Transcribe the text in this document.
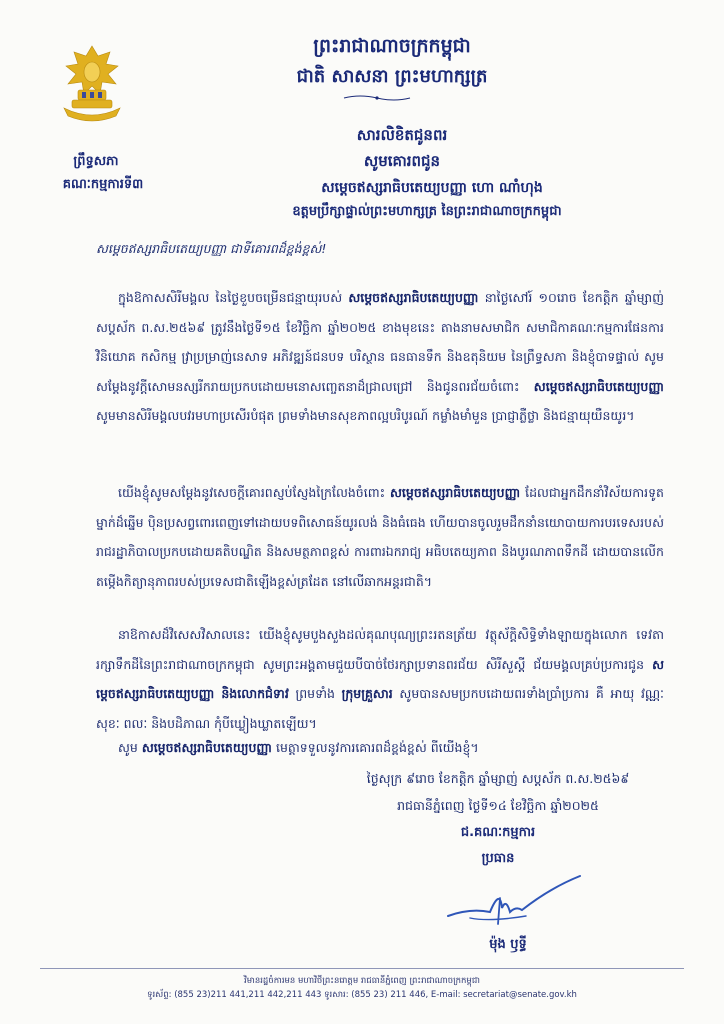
ព្រះរាជាណាចក្រកម្ពុជា
ជាតិ សាសនា ព្រះមហាក្សត្រ
ព្រឹទ្ធសភា
គណៈកម្មការទី៣
សារលិខិតជូនពរ
សូមគោរពជូន
សម្តេចឥស្សរាធិបតេយ្យបញ្ញា ហោ ណាំហុង
ឧត្តមប្រឹក្សាផ្ទាល់ព្រះមហាក្សត្រ នៃព្រះរាជាណាចក្រកម្ពុជា
សម្តេចឥស្សរាធិបតេយ្យបញ្ញា ជាទីគោរពដ៏ខ្ពង់ខ្ពស់!
ក្នុងឱកាសសិរីមង្គល នៃថ្ងៃខួបចម្រើនជន្មាយុរបស់ សម្តេចឥស្សរាធិបតេយ្យបញ្ញា នាថ្ងៃសៅរ៍ ១០រោច ខែកត្តិក ឆ្នាំម្សាញ់ សប្តស័ក ព.ស.២៥៦៩ ត្រូវនឹងថ្ងៃទី១៥ ខែវិច្ឆិកា ឆ្នាំ២០២៥ ខាងមុខនេះ តាងនាមសមាជិក សមាជិកាគណៈកម្មការផែនការ វិនិយោគ កសិកម្ម វ្រាប្រម្រាញ់នេសាទ អភិវឌ្ឍន៍ជនបទ បរិស្ថាន ធនធានទឹក និងឧតុនិយម នៃព្រឹទ្ធសភា និងខ្ញុំបាទផ្ទាល់ សូមសម្តែងនូវក្តីសោមនស្សរីករាយប្រកបដោយមនោសញ្ចេតនាដ៏ជ្រាលជ្រៅ និងជូនពរជ័យចំពោះ សម្តេចឥស្សរាធិបតេយ្យបញ្ញា សូមមានសិរីមង្គលបវរមហាប្រសើរបំផុត ព្រមទាំងមានសុខភាពល្អបរិបូរណ៍ កម្លាំងមាំមួន ប្រាជ្ញាភ្លឺថ្លា និងជន្មាយុយឺនយូរ។
យើងខ្ញុំសូមសម្តែងនូវសេចក្តីគោរពស្ញប់ស្ញែងក្រៃលែងចំពោះ សម្តេចឥស្សរាធិបតេយ្យបញ្ញា ដែលជាអ្នកដឹកនាំវិស័យការទូតម្នាក់ដ៏ឆ្នើម ប៉ិនប្រសព្វពោរពេញទៅដោយបទពិសោធន៍យូរលង់ និងធំធេង ហើយបានចូលរួមដឹកនាំនយោបាយការបរទេសរបស់រាជរដ្ឋាភិបាលប្រកបដោយគតិបណ្ឌិត និងសមត្ថភាពខ្ពស់ ការពារឯករាជ្យ អធិបតេយ្យភាព និងបូរណភាពទឹកដី ដោយបានលើកតម្កើងកិត្យានុភាពរបស់ប្រទេសជាតិឡើងខ្ពស់ត្រដែត នៅលើឆាកអន្តរជាតិ។
នាឱកាសដ៏វិសេសវិសាលនេះ យើងខ្ញុំសូមបួងសួងដល់គុណបុណ្យព្រះរតនត្រ័យ វត្ថុស័ក្តិសិទ្ធិទាំងឡាយក្នុងលោក ទេវតារក្សាទឹកដីនៃព្រះរាជាណាចក្រកម្ពុជា សូមព្រះអង្គតាមជួយបីបាច់ថែរក្សាប្រទានពរជ័យ សិរីសួស្តី ជ័យមង្គលគ្រប់ប្រការជូន សម្តេចឥស្សរាធិបតេយ្យបញ្ញា និងលោកជំទាវ ព្រមទាំង ក្រុមគ្រួសារ សូមបានសមប្រកបដោយពរទាំងប្រាំប្រការ គឺ អាយុ វណ្ណៈ សុខៈ ពលៈ និងបដិភាណ កុំបីឃ្លៀងឃ្លាតឡើយ។
សូម សម្តេចឥស្សរាធិបតេយ្យបញ្ញា មេត្តាទទួលនូវការគោរពដ៏ខ្ពង់ខ្ពស់ ពីយើងខ្ញុំ។
ថ្ងៃសុក្រ ៩រោច ខែកត្តិក ឆ្នាំម្សាញ់ សប្តស័ក ព.ស.២៥៦៩
រាជធានីភ្នំពេញ ថ្ងៃទី១៤ ខែវិច្ឆិកា ឆ្នាំ២០២៥
ជ.គណៈកម្មការ
ប្រធាន
ម៉ុង ឫទ្ធី
វិមានរដ្ឋចំការមន មហាវិថីព្រះនរោត្តម រាជធានីភ្នំពេញ ព្រះរាជាណាចក្រកម្ពុជា
ទូរស័ព្ទ: (855 23)211 441,211 442,211 443 ទូរសារ: (855 23) 211 446, E-mail: secretariat@senate.gov.kh
